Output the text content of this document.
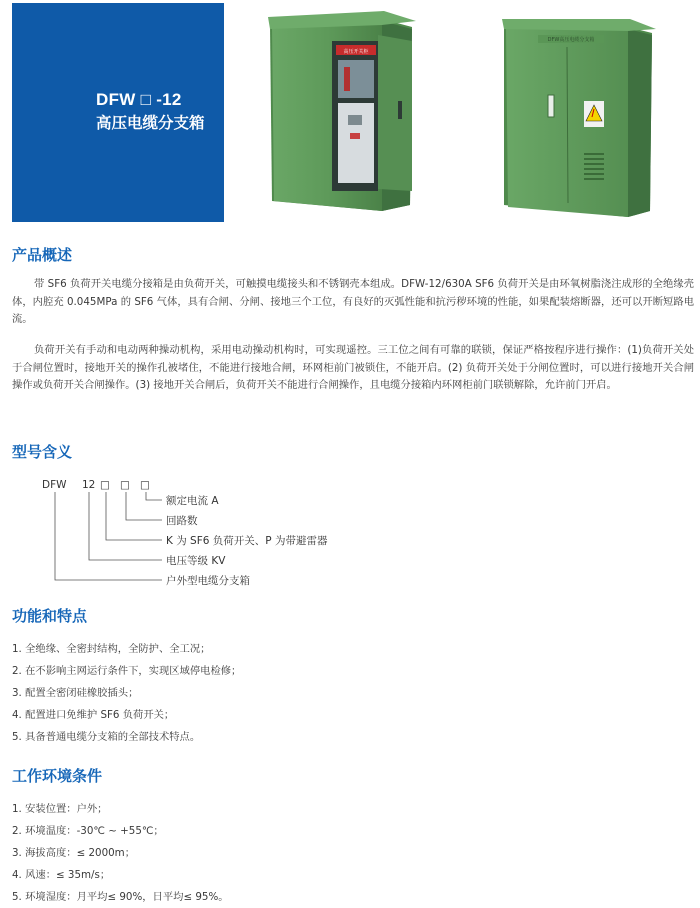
DFW □ -12
高压电缆分支箱
高压开关柜
DFW高压电缆分支箱
产品概述

带 SF6 负荷开关电缆分接箱是由负荷开关，可触摸电缆接头和不锈钢壳本组成。DFW-12/630A SF6 负荷开关是由环氧树脂浇注成形的全绝缘壳体，内腔充 0.045MPa 的 SF6 气体，具有合闸、分闸、接地三个工位，有良好的灭弧性能和抗污秽环境的性能，如果配装熔断器，还可以开断短路电流。

负荷开关有手动和电动两种操动机构，采用电动操动机构时，可实现遥控。三工位之间有可靠的联锁，保证严格按程序进行操作：(1)负荷开关处于合闸位置时，接地开关的操作孔被堵住，不能进行接地合闸，环网柜前门被锁住，不能开启。(2) 负荷开关处于分闸位置时，可以进行接地开关合闸操作或负荷开关合闸操作。(3) 接地开关合闸后，负荷开关不能进行合闸操作，且电缆分接箱内环网柜前门联锁解除，允许前门开启。

型号含义
DFW 12 □ □ □
额定电流 A
回路数
K 为 SF6 负荷开关、P 为带避雷器
电压等级 KV
户外型电缆分支箱
功能和特点
1. 全绝缘、全密封结构，全防护、全工况；
2. 在不影响主网运行条件下，实现区域停电检修；
3. 配置全密闭硅橡胶插头；
4. 配置进口免维护 SF6 负荷开关；
5. 具备普通电缆分支箱的全部技术特点。
工作环境条件
1. 安装位置：户外；
2. 环境温度：-30℃ ~ +55℃；
3. 海拔高度：≤ 2000m；
4. 风速：≤ 35m/s；
5. 环境湿度：月平均≤ 90%，日平均≤ 95%。
